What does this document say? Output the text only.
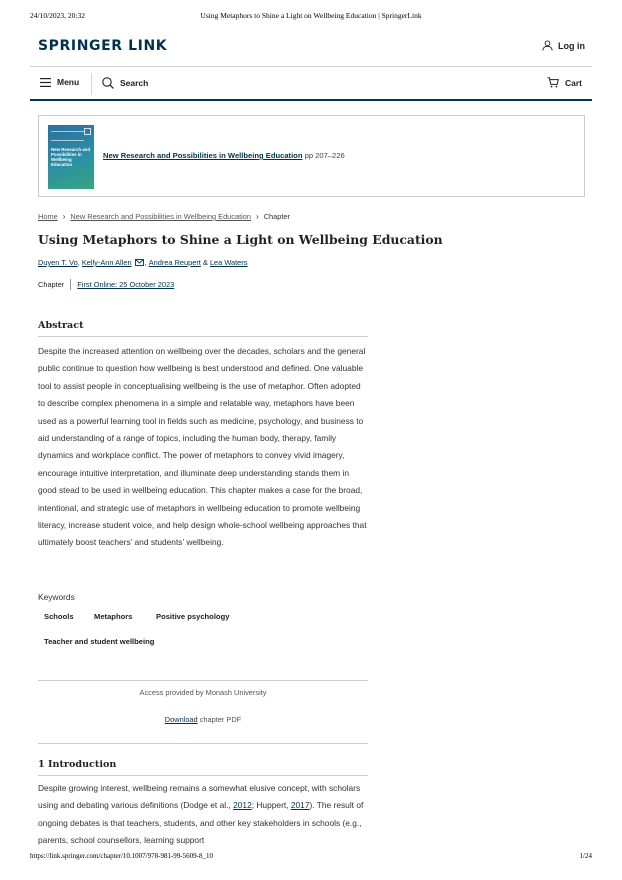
24/10/2023, 20:32	Using Metaphors to Shine a Light on Wellbeing Education | SpringerLink
SPRINGER LINK	Log in
Menu	Search	Cart
New Research and Possibilities in Wellbeing Education
New Research and Possibilities in Wellbeing Education pp 207–226
Home › New Research and Possibilities in Wellbeing Education › Chapter
Using Metaphors to Shine a Light on Wellbeing Education
Duyen T. Vo ,
Kelly-Ann Allen ,
Andrea Reupert
&
Lea Waters
Chapter First Online: 25 October 2023
Abstract

Despite the increased attention on wellbeing over the decades, scholars and the general public continue to question how wellbeing is best understood and defined. One valuable tool to assist people in conceptualising wellbeing is the use of metaphor. Often adopted to describe complex phenomena in a simple and relatable way, metaphors have been used as a powerful learning tool in fields such as medicine, psychology, and business to aid understanding of a range of topics, including the human body, therapy, family dynamics and workplace conflict. The power of metaphors to convey vivid imagery, encourage intuitive interpretation, and illuminate deep understanding stands them in good stead to be used in wellbeing education. This chapter makes a case for the broad, intentional, and strategic use of metaphors in wellbeing education to promote wellbeing literacy, increase student voice, and help design whole-school wellbeing approaches that ultimately boost teachers’ and students’ wellbeing.

Keywords
Schools	Metaphors	Positive psychology
Teacher and student wellbeing
Access provided by Monash University
Download chapter PDF
1 Introduction

Despite growing interest, wellbeing remains a somewhat elusive concept, with scholars using and debating various definitions (Dodge et al., 2012; Huppert, 2017). The result of ongoing debates is that teachers, students, and other key stakeholders in schools (e.g., parents, school counsellors, learning support

https://link.springer.com/chapter/10.1007/978-981-99-5609-8_10	1/24
